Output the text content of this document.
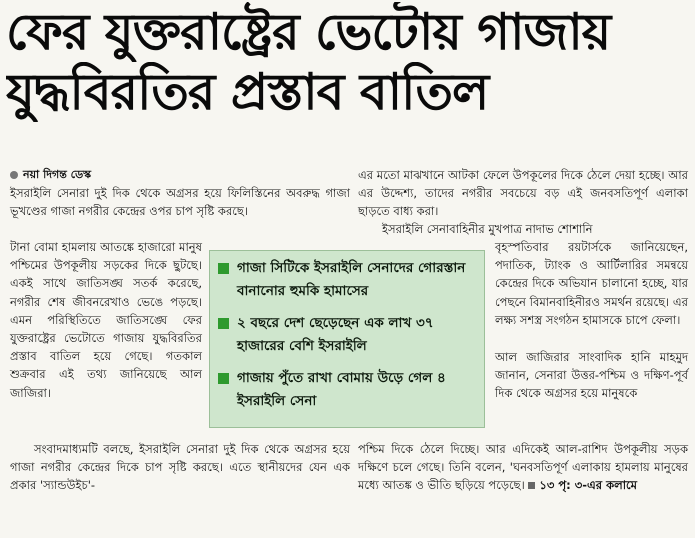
ফের যুক্তরাষ্ট্রের ভেটোয় গাজায়
যুদ্ধবিরতির প্রস্তাব বাতিল
নয়া দিগন্ত ডেস্ক
ইসরাইলি সেনারা দুই দিক থেকে অগ্রসর হয়ে ফিলিস্তিনের অবরুদ্ধ গাজা ভূখণ্ডের গাজা নগরীর কেন্দ্রের ওপর চাপ সৃষ্টি করছে।
টানা বোমা হামলায় আতঙ্কে হাজারো মানুষ পশ্চিমের উপকূলীয় সড়কের দিকে ছুটছে। একই সাথে জাতিসঙ্ঘ সতর্ক করেছে, নগরীর শেষ জীবনরেখাও ভেঙে পড়ছে। এমন পরিস্থিতিতে জাতিসঙ্ঘে ফের যুক্তরাষ্ট্রের ভেটোতে গাজায় যুদ্ধবিরতির প্রস্তাব বাতিল হয়ে গেছে। গতকাল শুক্রবার এই তথ্য জানিয়েছে আল জাজিরা।
সংবাদমাধ্যমটি বলছে, ইসরাইলি সেনারা দুই দিক থেকে অগ্রসর হয়ে গাজা নগরীর কেন্দ্রের দিকে চাপ সৃষ্টি করছে। এতে স্থানীয়দের যেন এক প্রকার 'স্যান্ডউইচ'-
এর মতো মাঝখানে আটকা ফেলে উপকূলের দিকে ঠেলে দেয়া হচ্ছে। আর এর উদ্দেশ্য, তাদের নগরীর সবচেয়ে বড় এই জনবসতিপূর্ণ এলাকা ছাড়তে বাধ্য করা।
ইসরাইলি সেনাবাহিনীর মুখপাত্র নাদাভ শোশানি
বৃহস্পতিবার রয়টার্সকে জানিয়েছেন, পদাতিক, ট্যাংক ও আর্টিলারির সমন্বয়ে কেন্দ্রের দিকে অভিযান চালানো হচ্ছে, যার পেছনে বিমানবাহিনীরও সমর্থন রয়েছে। এর লক্ষ্য সশস্ত্র সংগঠন হামাসকে চাপে ফেলা।
আল জাজিরার সাংবাদিক হানি মাহমুদ জানান, সেনারা উত্তর-পশ্চিম ও দক্ষিণ-পূর্ব দিক থেকে অগ্রসর হয়ে মানুষকে
পশ্চিম দিকে ঠেলে দিচ্ছে। আর এদিকেই আল-রাশিদ উপকূলীয় সড়ক দক্ষিণে চলে গেছে। তিনি বলেন, 'ঘনবসতিপূর্ণ এলাকায় হামলায় মানুষের মধ্যে আতঙ্ক ও ভীতি ছড়িয়ে পড়েছে। ১৩ পৃ: ৩-এর কলামে
গাজা সিটিকে ইসরাইলি সেনাদের গোরস্তান বানানোর হুমকি হামাসের
২ বছরে দেশ ছেড়েছেন এক লাখ ৩৭ হাজারের বেশি ইসরাইলি
গাজায় পুঁতে রাখা বোমায় উড়ে গেল ৪ ইসরাইলি সেনা
